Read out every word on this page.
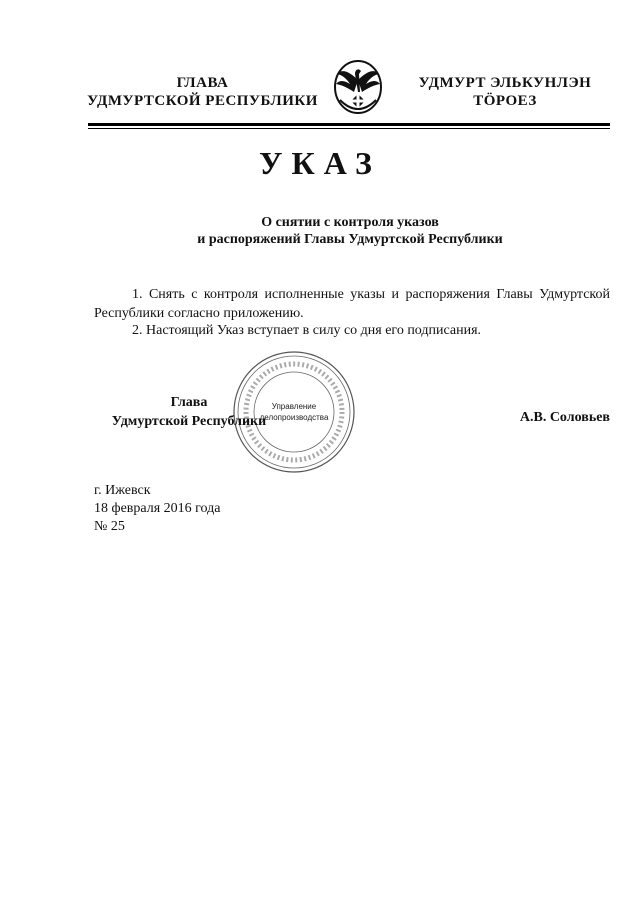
ГЛАВА
УДМУРТСКОЙ РЕСПУБЛИКИ
УДМУРТ ЭЛЬКУНЛЭН
ТӦРОЕЗ
УКАЗ
О снятии с контроля указов
и распоряжений Главы Удмуртской Республики
1. Снять с контроля исполненные указы и распоряжения Главы Удмуртской Республики согласно приложению.
2. Настоящий Указ вступает в силу со дня его подписания.
Управление
делопроизводства
Глава
Удмуртской Республики	А.В. Соловьев
г. Ижевск
18 февраля 2016 года
№ 25
